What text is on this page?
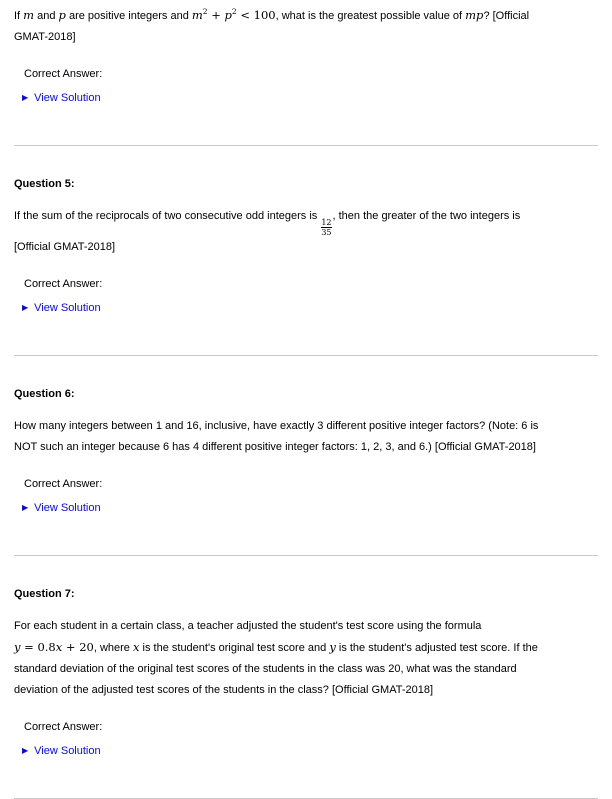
If m and p are positive integers and $m^2 + p^2 < 100$, what is the greatest possible value of mp? [Official
GMAT-2018]
Correct Answer:
▶ View Solution
Question 5:
If the sum of the reciprocals of two consecutive odd integers is
$\frac{12}{35}$
, then the greater of the two integers is
[Official GMAT-2018]
Correct Answer:
▶ View Solution
Question 6:
How many integers between 1 and 16, inclusive, have exactly 3 different positive integer factors? (Note: 6 is
NOT such an integer because 6 has 4 different positive integer factors: 1, 2, 3, and 6.) [Official GMAT-2018]
Correct Answer:
▶ View Solution
Question 7:
For each student in a certain class, a teacher adjusted the student's test score using the formula
y = 0.8x + 20, where x is the student's original test score and y is the student's adjusted test score. If the
standard deviation of the original test scores of the students in the class was 20, what was the standard
deviation of the adjusted test scores of the students in the class? [Official GMAT-2018]
Correct Answer:
▶ View Solution
